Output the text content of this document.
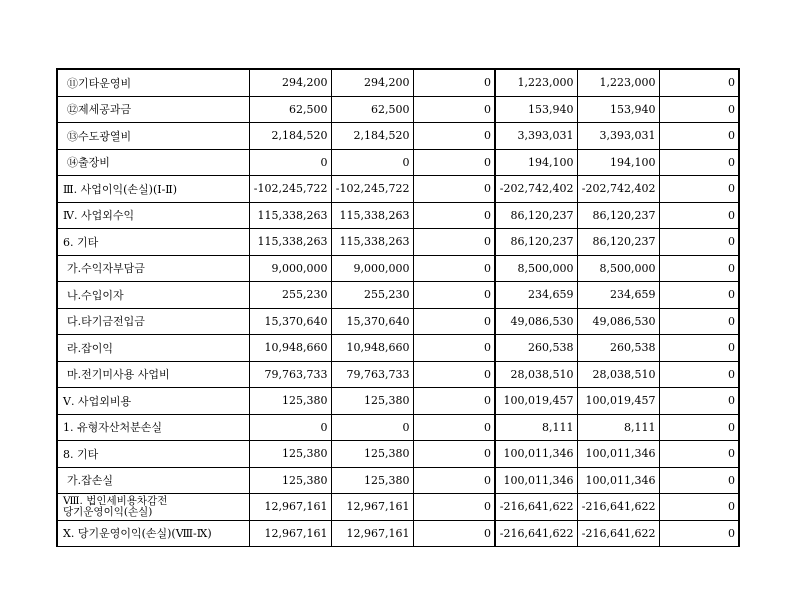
⑪기타운영비	294,200	294,200	0	1,223,000	1,223,000	0
⑫제세공과금	62,500	62,500	0	153,940	153,940	0
⑬수도광열비	2,184,520	2,184,520	0	3,393,031	3,393,031	0
⑭출장비	0	0	0	194,100	194,100	0
Ⅲ. 사업이익(손실)(Ⅰ-Ⅱ)	-102,245,722	-102,245,722	0	-202,742,402	-202,742,402	0
Ⅳ. 사업외수익	115,338,263	115,338,263	0	86,120,237	86,120,237	0
6. 기타	115,338,263	115,338,263	0	86,120,237	86,120,237	0
가.수익자부담금	9,000,000	9,000,000	0	8,500,000	8,500,000	0
나.수입이자	255,230	255,230	0	234,659	234,659	0
다.타기금전입금	15,370,640	15,370,640	0	49,086,530	49,086,530	0
라.잡이익	10,948,660	10,948,660	0	260,538	260,538	0
마.전기미사용 사업비	79,763,733	79,763,733	0	28,038,510	28,038,510	0
Ⅴ. 사업외비용	125,380	125,380	0	100,019,457	100,019,457	0
1. 유형자산처분손실	0	0	0	8,111	8,111	0
8. 기타	125,380	125,380	0	100,011,346	100,011,346	0
가.잡손실	125,380	125,380	0	100,011,346	100,011,346	0
Ⅷ. 법인세비용차감전
당기운영이익(손실)	12,967,161	12,967,161	0	-216,641,622	-216,641,622	0
Ⅹ. 당기운영이익(손실)(Ⅷ-Ⅸ)	12,967,161	12,967,161	0	-216,641,622	-216,641,622	0
